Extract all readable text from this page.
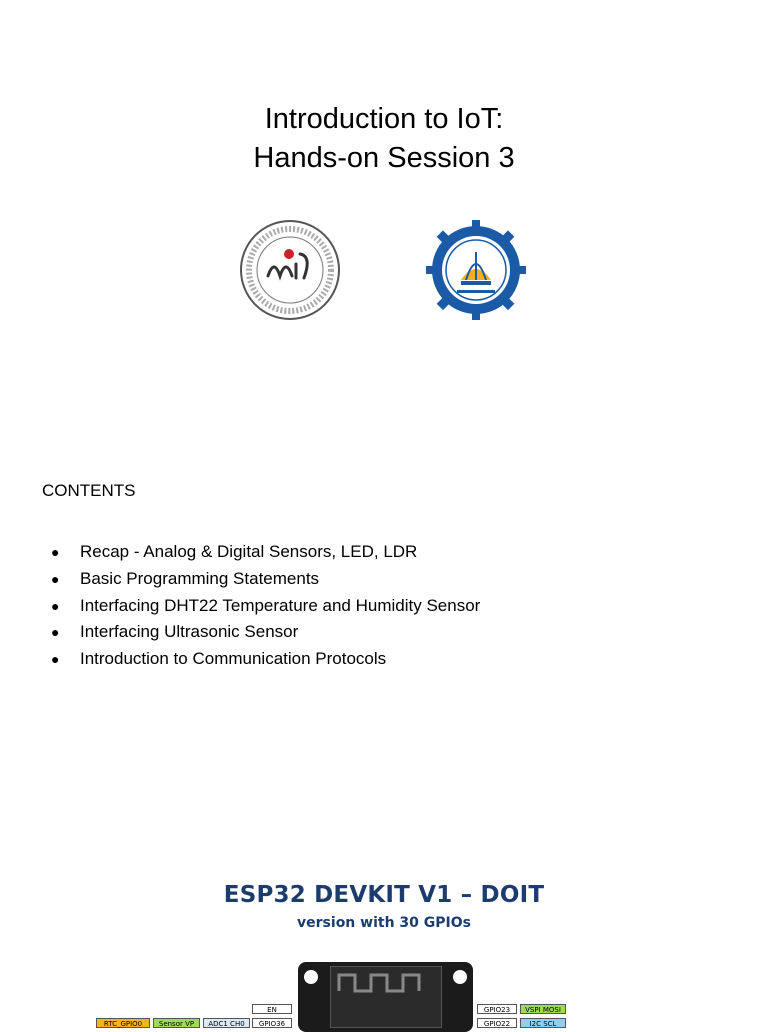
Introduction to IoT:
Hands-on Session 3
CONTENTS
● Recap - Analog & Digital Sensors, LED, LDR
● Basic Programming Statements
● Interfacing DHT22 Temperature and Humidity Sensor
● Interfacing Ultrasonic Sensor
● Introduction to Communication Protocols
ESP32 DEVKIT V1 – DOIT
version with 30 GPIOs
EN
RTC_GPIO0	Sensor VP	ADC1 CH0	GPIO36
GPIO23	VSPI MOSI
GPIO22	I2C SCL
